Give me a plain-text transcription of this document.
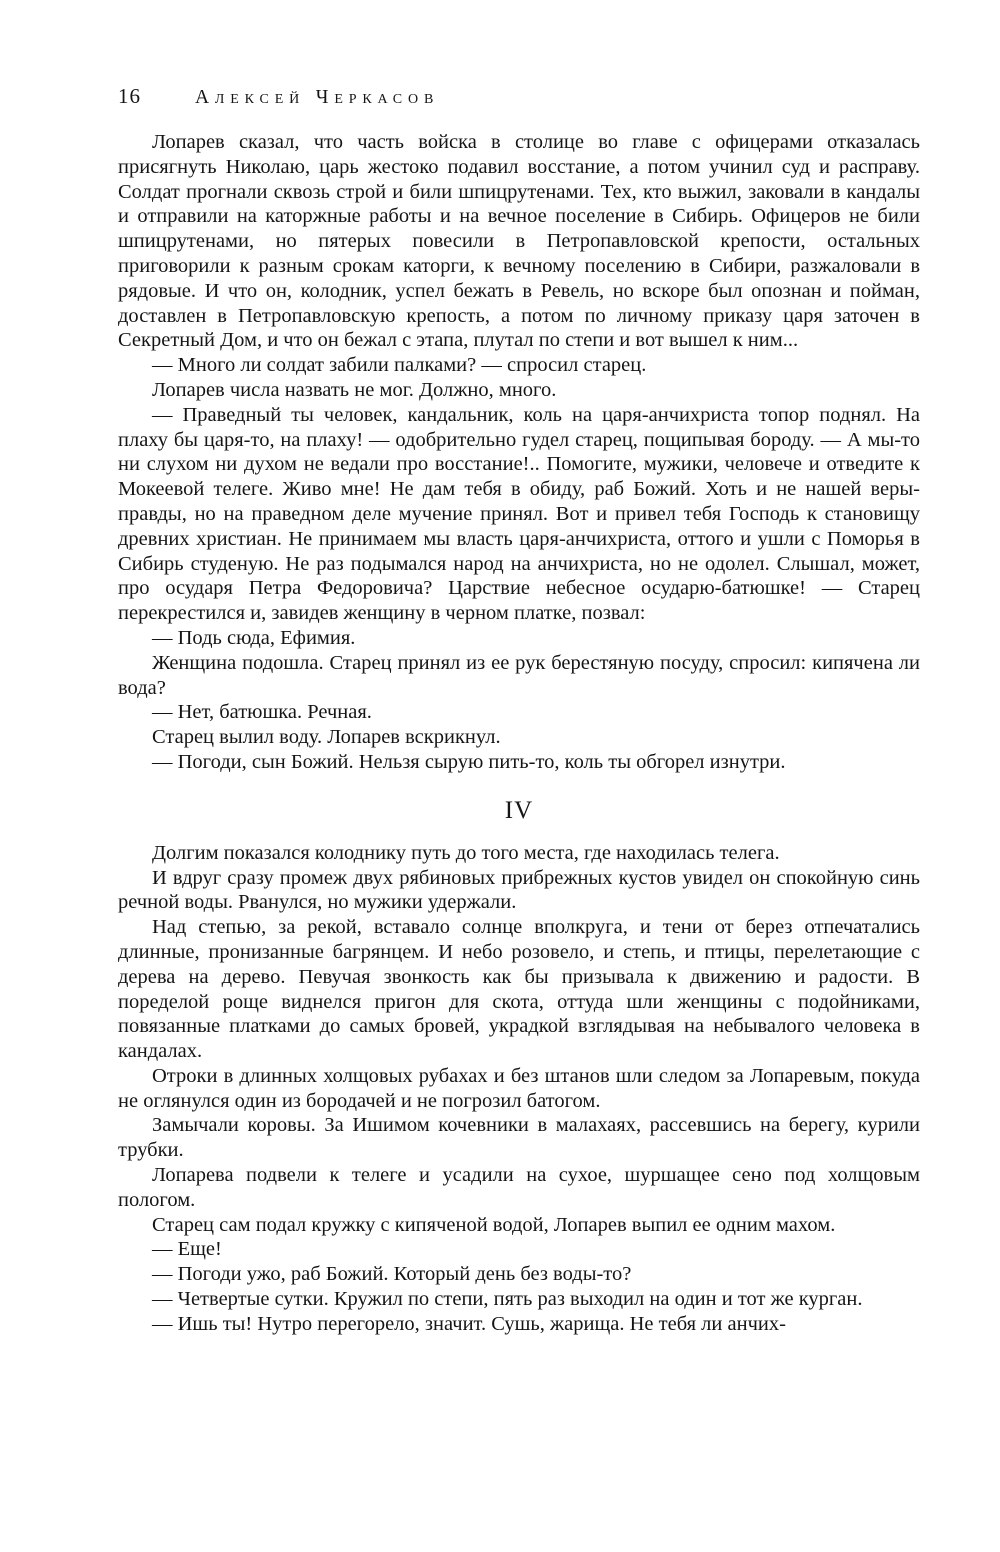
16	Алексей Черкасов

Лопарев сказал, что часть войска в столице во главе с офицерами отказалась присягнуть Николаю, царь жестоко подавил восстание, а потом учинил суд и расправу. Солдат прогнали сквозь строй и били шпицрутенами. Тех, кто выжил, заковали в кандалы и отправили на каторжные работы и на вечное поселение в Сибирь. Офицеров не били шпицрутенами, но пятерых повесили в Петропавловской крепости, остальных приговорили к разным срокам каторги, к вечному поселению в Сибири, разжаловали в рядовые. И что он, колодник, успел бежать в Ревель, но вскоре был опознан и пойман, доставлен в Петропавловскую крепость, а потом по личному приказу царя заточен в Секретный Дом, и что он бежал с этапа, плутал по степи и вот вышел к ним...

— Много ли солдат забили палками? — спросил старец.

Лопарев числа назвать не мог. Должно, много.

— Праведный ты человек, кандальник, коль на царя-анчихриста топор поднял. На плаху бы царя-то, на плаху! — одобрительно гудел старец, пощипывая бороду. — А мы-то ни слухом ни духом не ведали про восстание!.. Помогите, мужики, человече и отведите к Мокеевой телеге. Живо мне! Не дам тебя в обиду, раб Божий. Хоть и не нашей веры-правды, но на праведном деле мучение принял. Вот и привел тебя Господь к становищу древних христиан. Не принимаем мы власть царя-анчихриста, оттого и ушли с Поморья в Сибирь студеную. Не раз подымался народ на анчихриста, но не одолел. Слышал, может, про осударя Петра Федоровича? Царствие небесное осударю-батюшке! — Старец перекрестился и, завидев женщину в черном платке, позвал:

— Подь сюда, Ефимия.

Женщина подошла. Старец принял из ее рук берестяную посуду, спросил: кипячена ли вода?

— Нет, батюшка. Речная.

Старец вылил воду. Лопарев вскрикнул.

— Погоди, сын Божий. Нельзя сырую пить-то, коль ты обгорел изнутри.

IV

Долгим показался колоднику путь до того места, где находилась телега.

И вдруг сразу промеж двух рябиновых прибрежных кустов увидел он спокойную синь речной воды. Рванулся, но мужики удержали.

Над степью, за рекой, вставало солнце вполкруга, и тени от берез отпечатались длинные, пронизанные багрянцем. И небо розовело, и степь, и птицы, перелетающие с дерева на дерево. Певучая звонкость как бы призывала к движению и радости. В поределой роще виднелся пригон для скота, оттуда шли женщины с подойниками, повязанные платками до самых бровей, украдкой взглядывая на небывалого человека в кандалах.

Отроки в длинных холщовых рубахах и без штанов шли следом за Лопаревым, покуда не оглянулся один из бородачей и не погрозил батогом.

Замычали коровы. За Ишимом кочевники в малахаях, рассевшись на берегу, курили трубки.

Лопарева подвели к телеге и усадили на сухое, шуршащее сено под холщовым пологом.

Старец сам подал кружку с кипяченой водой, Лопарев выпил ее одним махом.

— Еще!

— Погоди ужо, раб Божий. Который день без воды-то?

— Четвертые сутки. Кружил по степи, пять раз выходил на один и тот же курган.

— Ишь ты! Нутро перегорело, значит. Сушь, жарища. Не тебя ли анчих-
